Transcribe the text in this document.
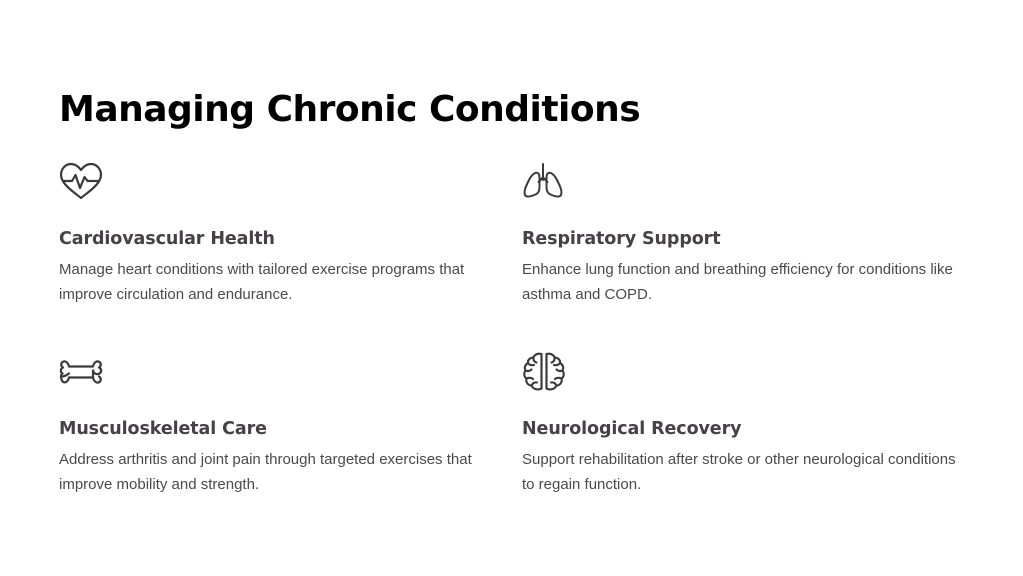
Managing Chronic Conditions
Cardiovascular Health

Manage heart conditions with tailored exercise programs that improve circulation and endurance.

Respiratory Support

Enhance lung function and breathing efficiency for conditions like asthma and COPD.

Musculoskeletal Care

Address arthritis and joint pain through targeted exercises that improve mobility and strength.

Neurological Recovery

Support rehabilitation after stroke or other neurological conditions to regain function.
